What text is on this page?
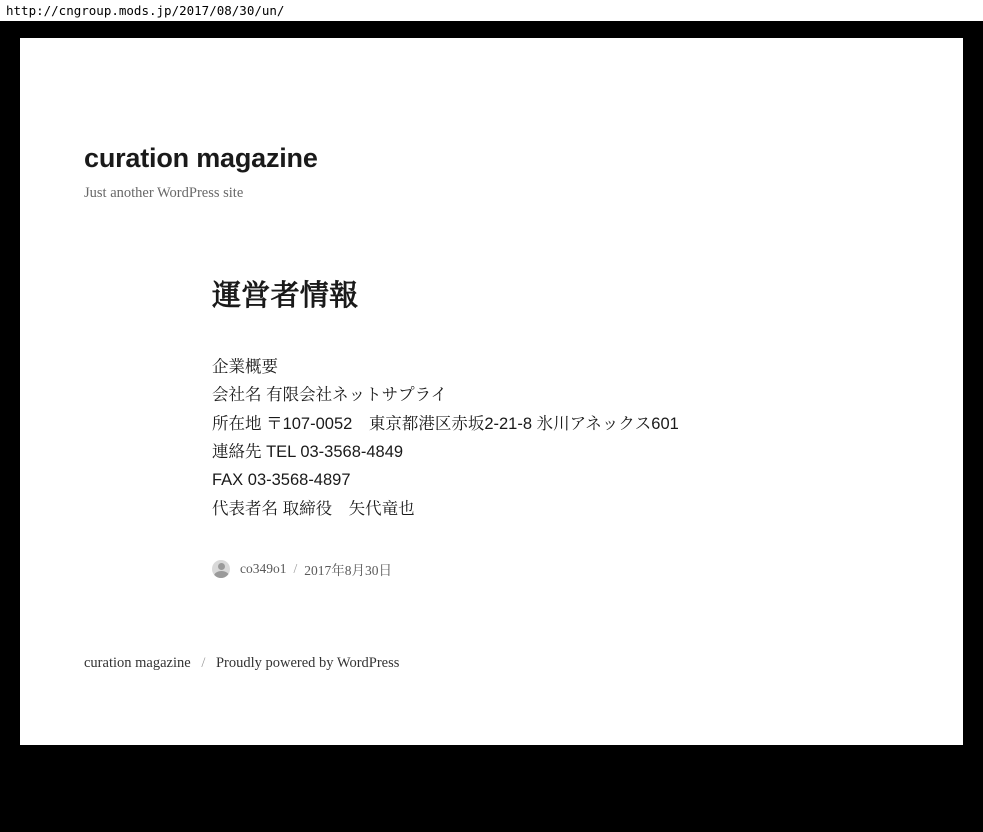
http://cngroup.mods.jp/2017/08/30/un/
curation magazine

Just another WordPress site

運営者情報

企業概要

会社名 有限会社ネットサプライ

所在地 〒107-0052　東京都港区赤坂2-21-8 氷川アネックス601

連絡先 TEL 03-3568-4849

FAX 03-3568-4897

代表者名 取締役　矢代竜也

co349o1 / 2017年8月30日
curation magazine / Proudly powered by WordPress
